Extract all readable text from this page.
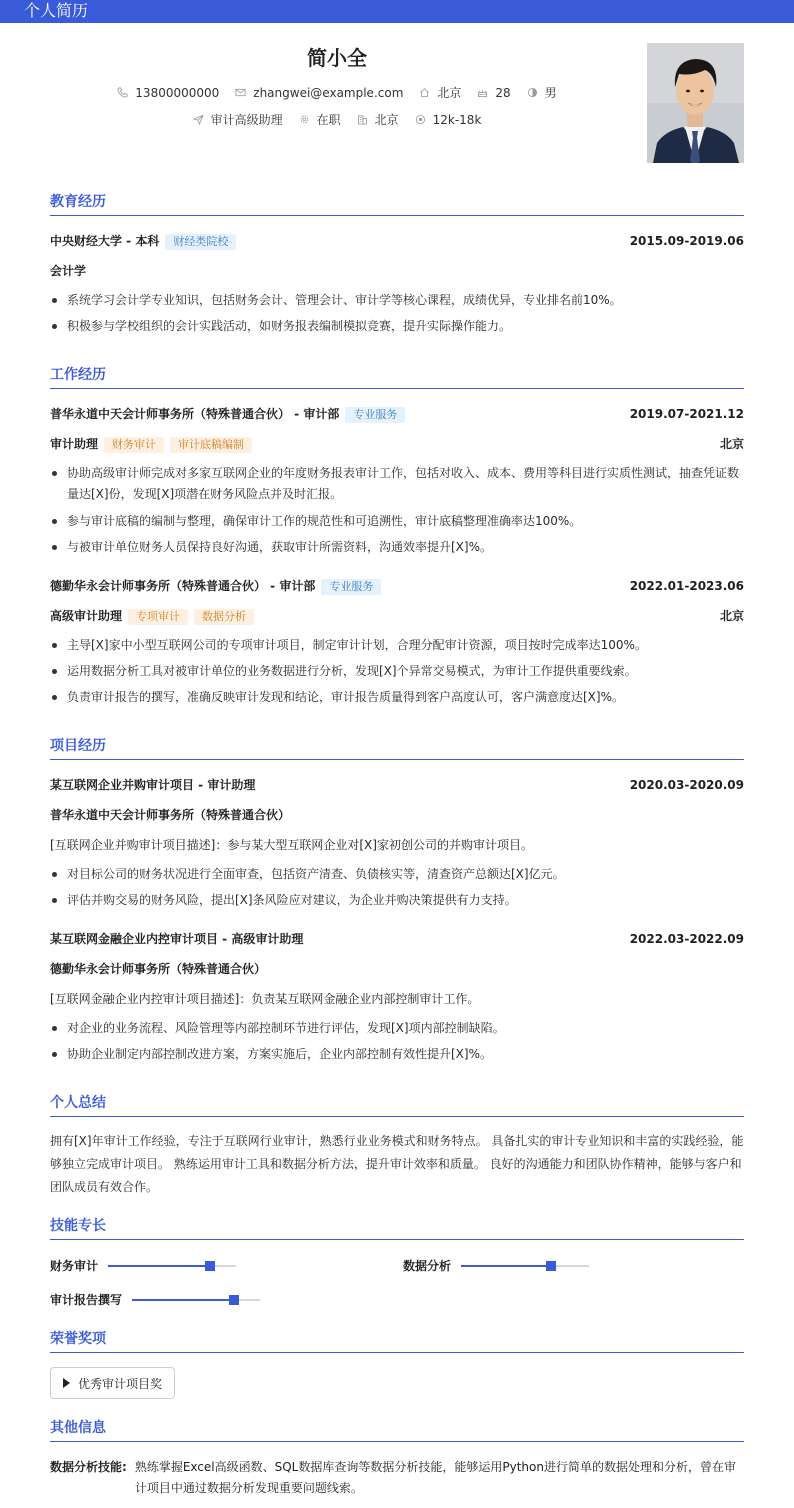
个人简历
简小全
13800000000	zhangwei@example.com	北京	28	男
审计高级助理	在职	北京	12k-18k
教育经历
中央财经大学 - 本科 财经类院校	2015.09-2019.06
会计学
系统学习会计学专业知识，包括财务会计、管理会计、审计学等核心课程，成绩优异，专业排名前10%。
积极参与学校组织的会计实践活动，如财务报表编制模拟竞赛，提升实际操作能力。
工作经历
普华永道中天会计师事务所（特殊普通合伙） - 审计部 专业服务	2019.07-2021.12
审计助理 财务审计 审计底稿编制	北京
协助高级审计师完成对多家互联网企业的年度财务报表审计工作，包括对收入、成本、费用等科目进行实质性测试，抽查凭证数量达[X]份，发现[X]项潜在财务风险点并及时汇报。
参与审计底稿的编制与整理，确保审计工作的规范性和可追溯性，审计底稿整理准确率达100%。
与被审计单位财务人员保持良好沟通，获取审计所需资料，沟通效率提升[X]%。
德勤华永会计师事务所（特殊普通合伙） - 审计部 专业服务	2022.01-2023.06
高级审计助理 专项审计 数据分析	北京
主导[X]家中小型互联网公司的专项审计项目，制定审计计划，合理分配审计资源，项目按时完成率达100%。
运用数据分析工具对被审计单位的业务数据进行分析，发现[X]个异常交易模式，为审计工作提供重要线索。
负责审计报告的撰写，准确反映审计发现和结论，审计报告质量得到客户高度认可，客户满意度达[X]%。
项目经历
某互联网企业并购审计项目 - 审计助理	2020.03-2020.09
普华永道中天会计师事务所（特殊普通合伙）
[互联网企业并购审计项目描述]：参与某大型互联网企业对[X]家初创公司的并购审计项目。
对目标公司的财务状况进行全面审查，包括资产清查、负债核实等，清查资产总额达[X]亿元。
评估并购交易的财务风险，提出[X]条风险应对建议，为企业并购决策提供有力支持。
某互联网金融企业内控审计项目 - 高级审计助理	2022.03-2022.09
德勤华永会计师事务所（特殊普通合伙）
[互联网金融企业内控审计项目描述]：负责某互联网金融企业内部控制审计工作。
对企业的业务流程、风险管理等内部控制环节进行评估，发现[X]项内部控制缺陷。
协助企业制定内部控制改进方案，方案实施后，企业内部控制有效性提升[X]%。
个人总结
拥有[X]年审计工作经验，专注于互联网行业审计，熟悉行业业务模式和财务特点。 具备扎实的审计专业知识和丰富的实践经验，能够独立完成审计项目。 熟练运用审计工具和数据分析方法，提升审计效率和质量。 良好的沟通能力和团队协作精神，能够与客户和团队成员有效合作。
技能专长
财务审计	数据分析
审计报告撰写
荣誉奖项
优秀审计项目奖
其他信息
数据分析技能: 熟练掌握Excel高级函数、SQL数据库查询等数据分析技能，能够运用Python进行简单的数据处理和分析，曾在审计项目中通过数据分析发现重要问题线索。
